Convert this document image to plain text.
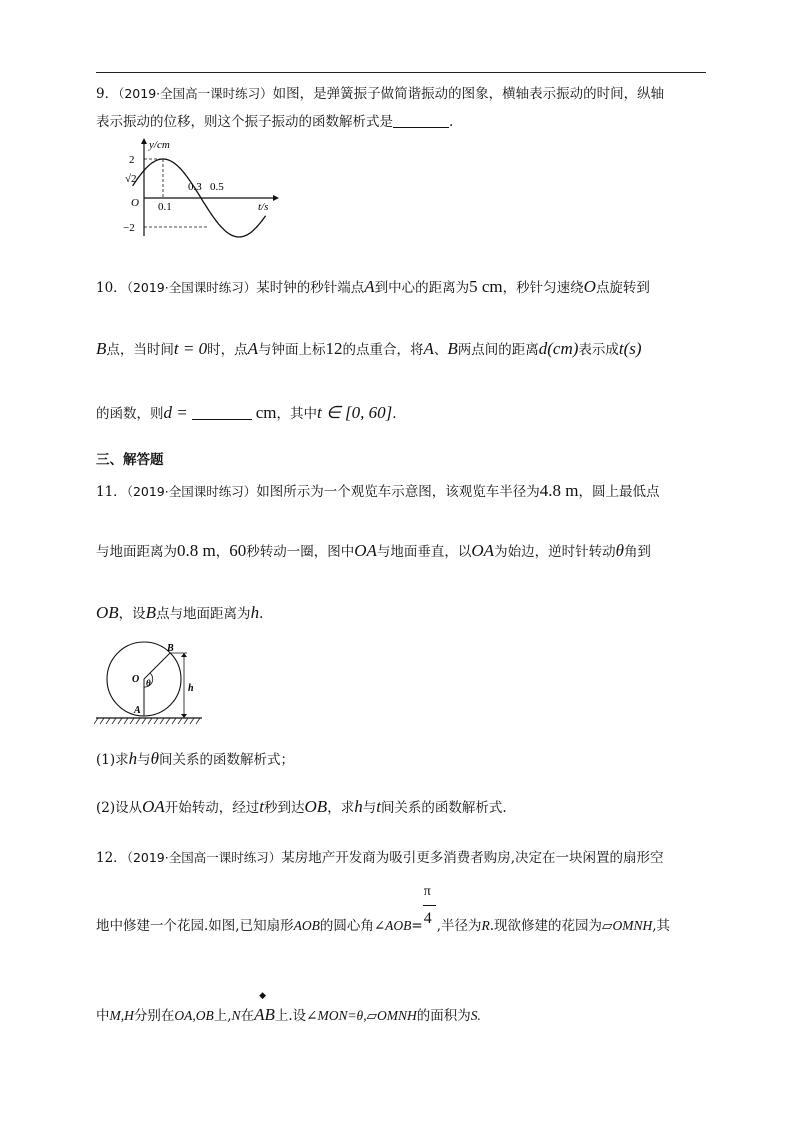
9．（2019·全国高一课时练习）如图，是弹簧振子做简谐振动的图象，横轴表示振动的时间，纵轴
表示振动的位移，则这个振子振动的函数解析式是	.
y/cm
2
√2
O 0.1
0.3 0.5
−2
t/s
10．（2019·全国课时练习）某时钟的秒针端点A到中心的距离为5 cm，秒针匀速绕O点旋转到
B点，当时间t = 0时，点A与钟面上标12的点重合，将A、B两点间的距离d(cm)表示成t(s)
的函数，则d =	cm，其中t ∈ [0, 60].
三、解答题
11．（2019·全国课时练习）如图所示为一个观览车示意图，该观览车半径为4.8 m，圆上最低点
与地面距离为0.8 m，60秒转动一圈，图中OA与地面垂直，以OA为始边，逆时针转动θ角到
OB，设B点与地面距离为h.
B
O θ	h
A
(1)求h与θ间关系的函数解析式；
(2)设从OA开始转动，经过t秒到达OB，求h与t间关系的函数解析式.
12．（2019·全国高一课时练习）某房地产开发商为吸引更多消费者购房,决定在一块闲置的扇形空
地中修建一个花园.如图,已知扇形AOB的圆心角∠AOB= $\frac{\pi}{4}$ ,半径为R.现欲修建的花园为▱OMNH,其
中M,H分别在OA,OB上,N在
◆
AB上.设∠MON=θ,▱OMNH的面积为S.
